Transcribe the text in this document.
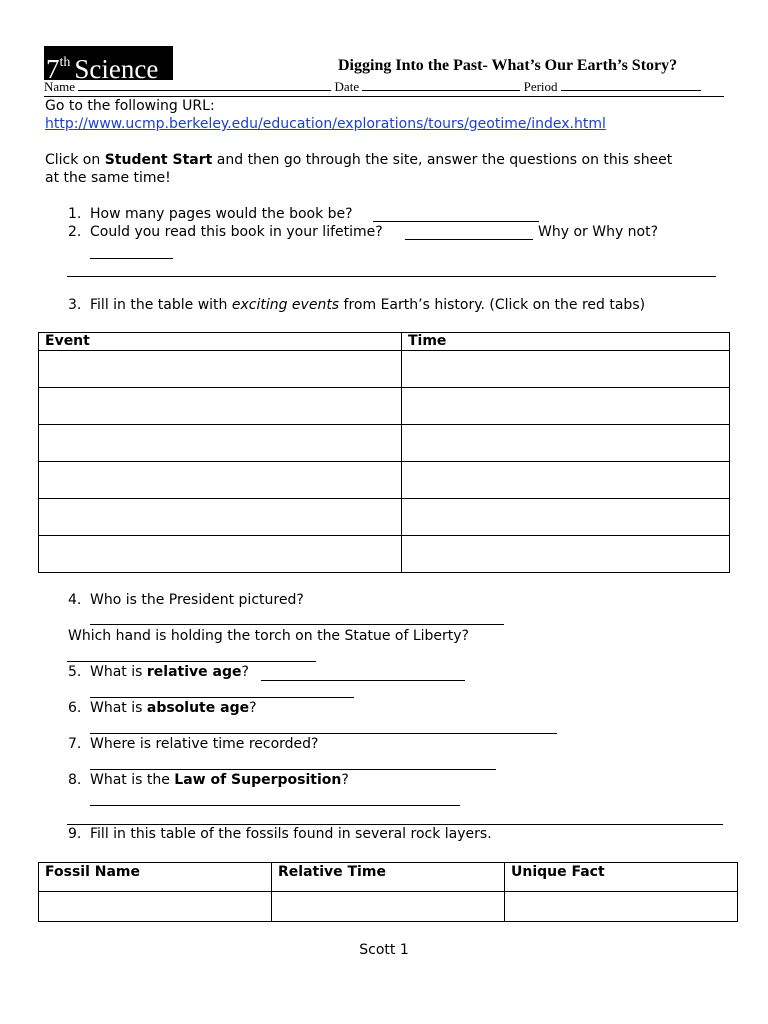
7th Science	Digging Into the Past- What’s Our Earth’s Story?
Name	Date	Period
Go to the following URL:
http://www.ucmp.berkeley.edu/education/explorations/tours/geotime/index.html
Click on Student Start and then go through the site, answer the questions on this sheet
at the same time!
1. How many pages would the book be?
2. Could you read this book in your lifetime?	Why or Why not?
3. Fill in the table with exciting events from Earth’s history. (Click on the red tabs)
Event	Time

4. Who is the President pictured?
Which hand is holding the torch on the Statue of Liberty?
5. What is relative age?
6. What is absolute age?
7. Where is relative time recorded?
8. What is the Law of Superposition?
9. Fill in this table of the fossils found in several rock layers.
Fossil Name	Relative Time	Unique Fact

Scott 1
